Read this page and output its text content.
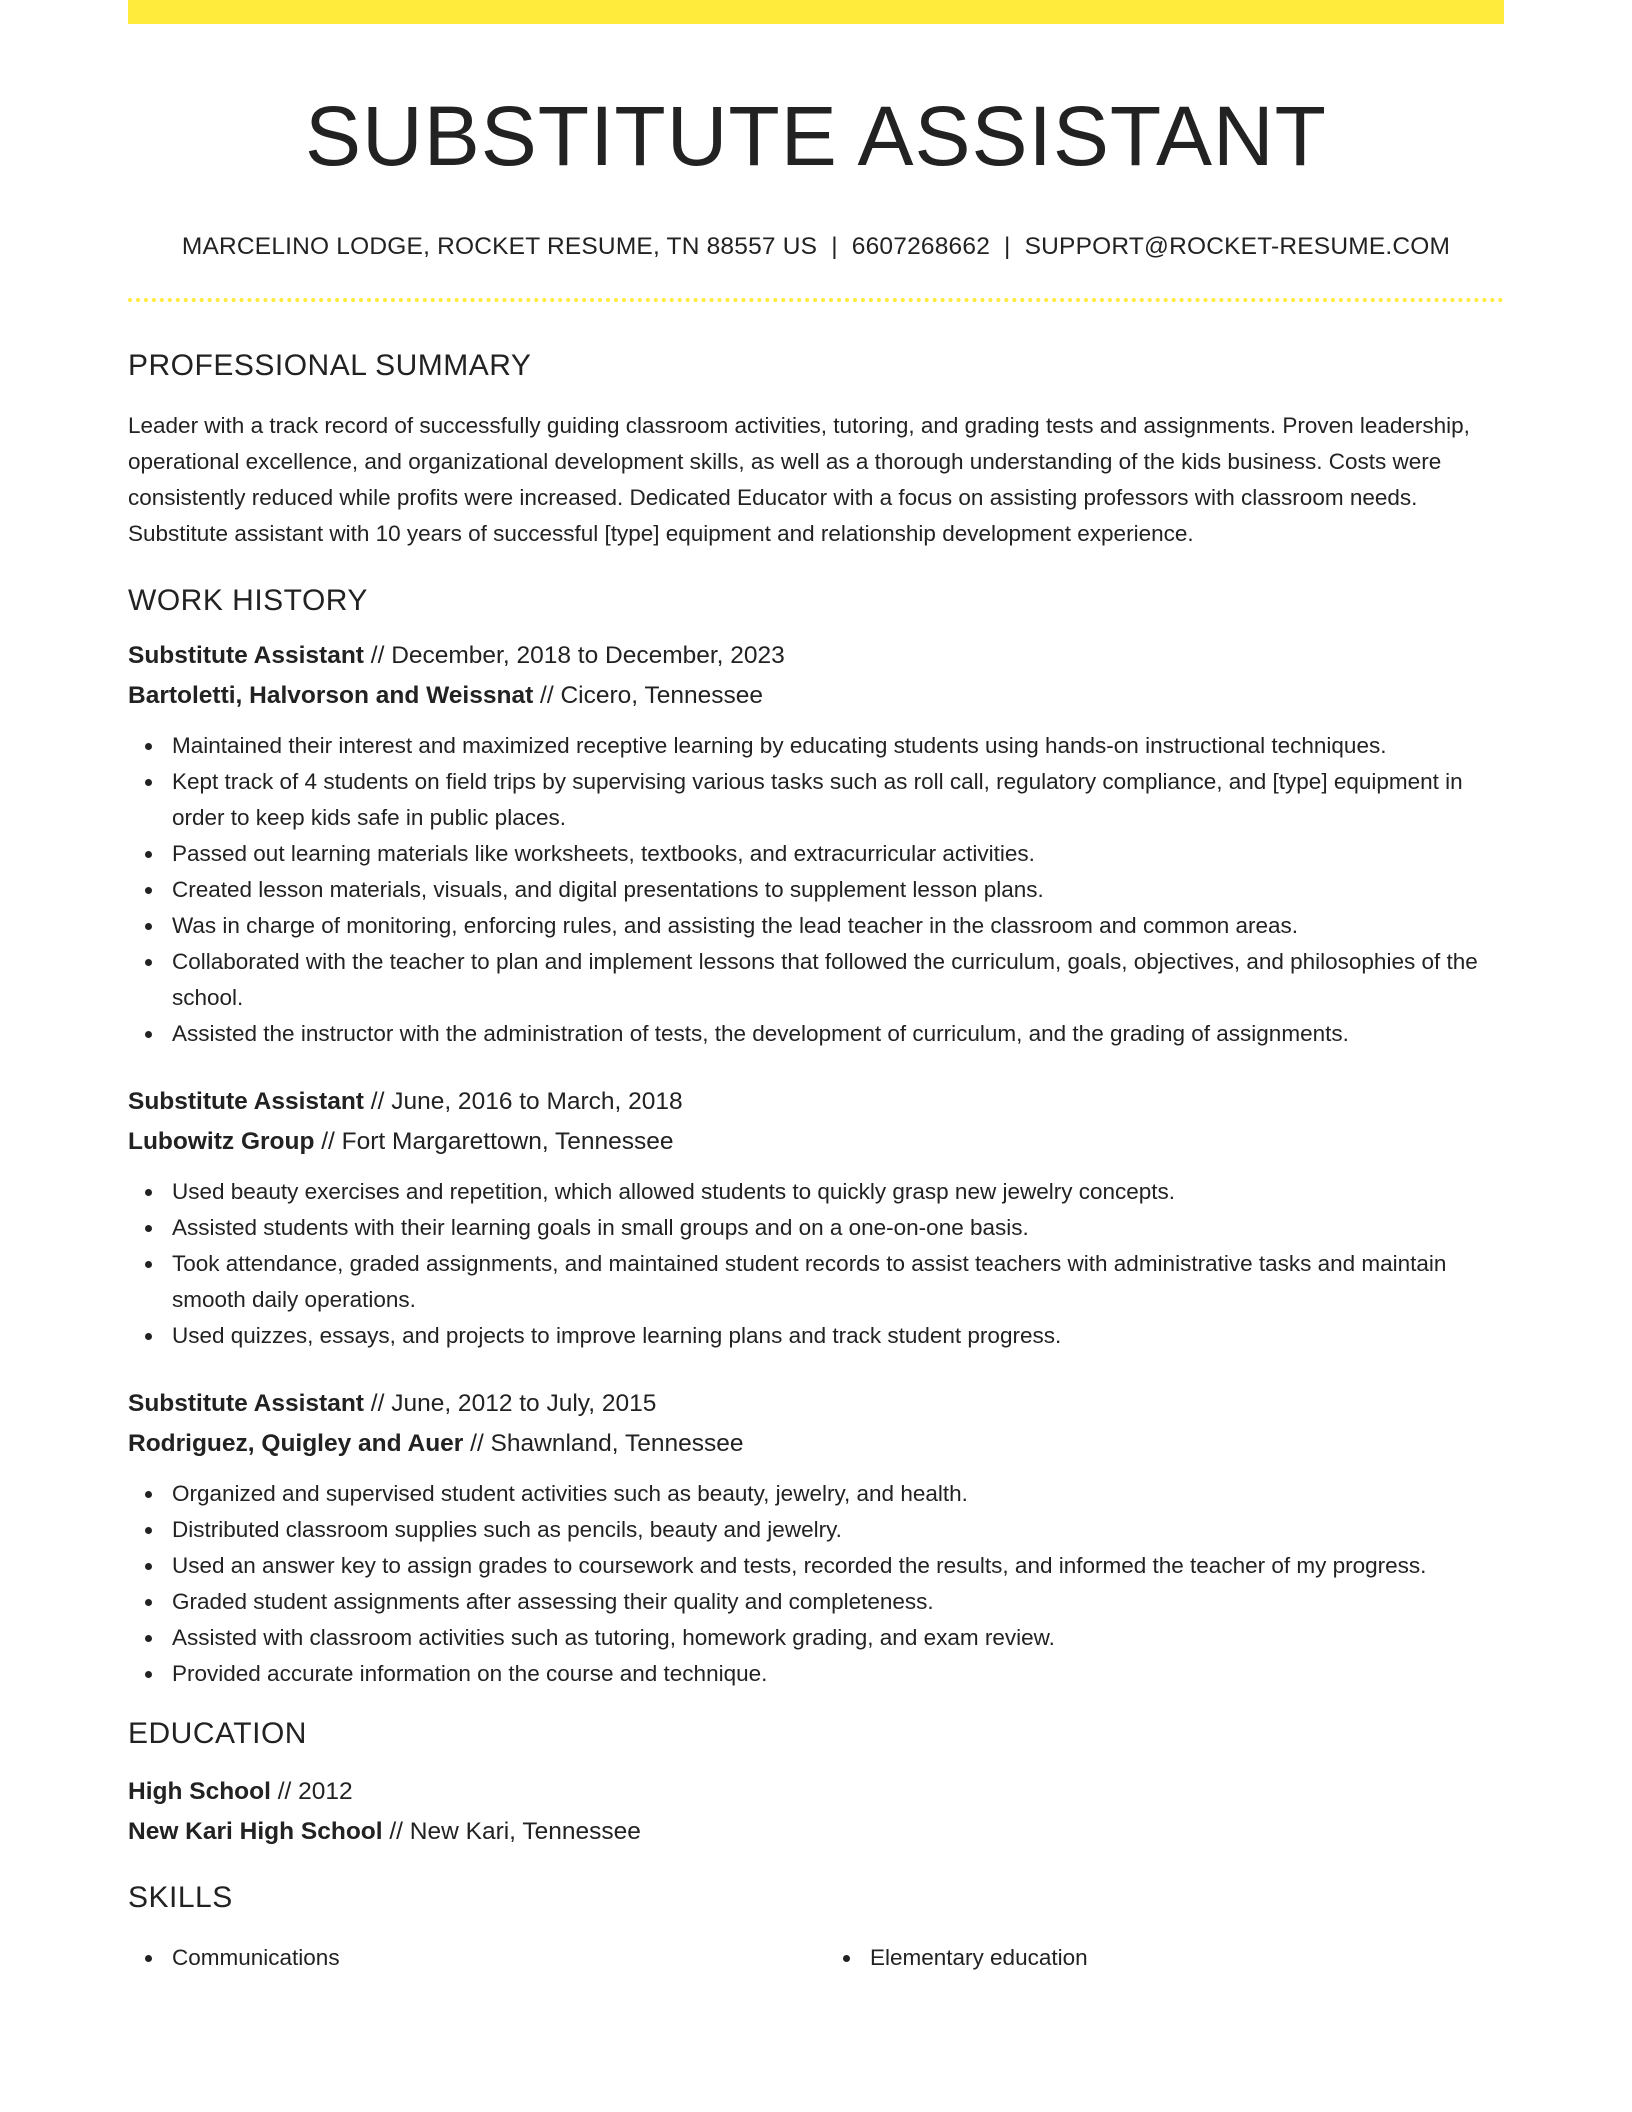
SUBSTITUTE ASSISTANT
MARCELINO LODGE, ROCKET RESUME, TN 88557 US | 6607268662 | SUPPORT@ROCKET-RESUME.COM
PROFESSIONAL SUMMARY

Leader with a track record of successfully guiding classroom activities, tutoring, and grading tests and assignments. Proven leadership, operational excellence, and organizational development skills, as well as a thorough understanding of the kids business. Costs were consistently reduced while profits were increased. Dedicated Educator with a focus on assisting professors with classroom needs. Substitute assistant with 10 years of successful [type] equipment and relationship development experience.

WORK HISTORY
Substitute Assistant // December, 2018 to December, 2023
Bartoletti, Halvorson and Weissnat // Cicero, Tennessee
Maintained their interest and maximized receptive learning by educating students using hands-on instructional techniques.
Kept track of 4 students on field trips by supervising various tasks such as roll call, regulatory compliance, and [type] equipment in order to keep kids safe in public places.
Passed out learning materials like worksheets, textbooks, and extracurricular activities.
Created lesson materials, visuals, and digital presentations to supplement lesson plans.
Was in charge of monitoring, enforcing rules, and assisting the lead teacher in the classroom and common areas.
Collaborated with the teacher to plan and implement lessons that followed the curriculum, goals, objectives, and philosophies of the school.
Assisted the instructor with the administration of tests, the development of curriculum, and the grading of assignments.
Substitute Assistant // June, 2016 to March, 2018
Lubowitz Group // Fort Margarettown, Tennessee
Used beauty exercises and repetition, which allowed students to quickly grasp new jewelry concepts.
Assisted students with their learning goals in small groups and on a one-on-one basis.
Took attendance, graded assignments, and maintained student records to assist teachers with administrative tasks and maintain smooth daily operations.
Used quizzes, essays, and projects to improve learning plans and track student progress.
Substitute Assistant // June, 2012 to July, 2015
Rodriguez, Quigley and Auer // Shawnland, Tennessee
Organized and supervised student activities such as beauty, jewelry, and health.
Distributed classroom supplies such as pencils, beauty and jewelry.
Used an answer key to assign grades to coursework and tests, recorded the results, and informed the teacher of my progress.
Graded student assignments after assessing their quality and completeness.
Assisted with classroom activities such as tutoring, homework grading, and exam review.
Provided accurate information on the course and technique.
EDUCATION
High School // 2012
New Kari High School // New Kari, Tennessee
SKILLS
Communications	Elementary education
